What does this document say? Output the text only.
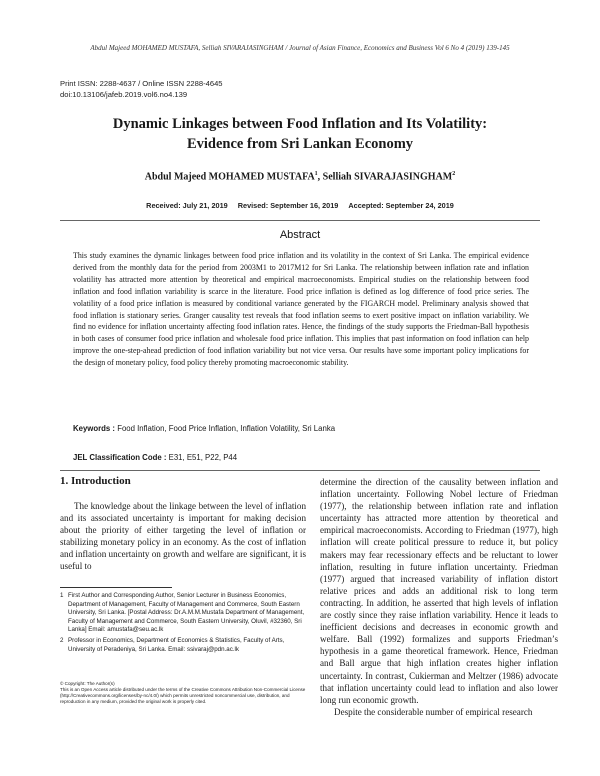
Abdul Majeed MOHAMED MUSTAFA, Selliah SIVARAJASINGHAM / Journal of Asian Finance, Economics and Business Vol 6 No 4 (2019) 139-145
Print ISSN: 2288-4637 / Online ISSN 2288-4645
doi:10.13106/jafeb.2019.vol6.no4.139
Dynamic Linkages between Food Inflation and Its Volatility:
Evidence from Sri Lankan Economy
Abdul Majeed MOHAMED MUSTAFA$^1$, Selliah SIVARAJASINGHAM$^2$
Received: July 21, 2019 Revised: September 16, 2019 Accepted: September 24, 2019
Abstract
This study examines the dynamic linkages between food price inflation and its volatility in the context of Sri Lanka. The empirical evidence derived from the monthly data for the period from 2003M1 to 2017M12 for Sri Lanka. The relationship between inflation rate and inflation volatility has attracted more attention by theoretical and empirical macroeconomists. Empirical studies on the relationship between food inflation and food inflation variability is scarce in the literature. Food price inflation is defined as log difference of food price series. The volatility of a food price inflation is measured by conditional variance generated by the FIGARCH model. Preliminary analysis showed that food inflation is stationary series. Granger causality test reveals that food inflation seems to exert positive impact on inflation variability. We find no evidence for inflation uncertainty affecting food inflation rates. Hence, the findings of the study supports the Friedman-Ball hypothesis in both cases of consumer food price inflation and wholesale food price inflation. This implies that past information on food inflation can help improve the one-step-ahead prediction of food inflation variability but not vice versa. Our results have some important policy implications for the design of monetary policy, food policy thereby promoting macroeconomic stability.
Keywords : Food Inflation, Food Price Inflation, Inflation Volatility, Sri Lanka
JEL Classification Code : E31, E51, P22, P44
1. Introduction

The knowledge about the linkage between the level of inflation and its associated uncertainty is important for making decision about the priority of either targeting the level of inflation or stabilizing monetary policy in an economy. As the cost of inflation and inflation uncertainty on growth and welfare are significant, it is useful to

1 First Author and Corresponding Author, Senior Lecturer in Business Economics, Department of Management, Faculty of Management and Commerce, South Eastern University, Sri Lanka. [Postal Address: Dr.A.M.M.Mustafa Department of Management, Faculty of Management and Commerce, South Eastern University, Oluvil, #32360, Sri Lanka] Email: amustafa@seu.ac.lk
2 Professor in Economics, Department of Economics & Statistics, Faculty of Arts, University of Peradeniya, Sri Lanka. Email: ssivaraj@pdn.ac.lk
© Copyright: The Author(s)
This is an Open Access article distributed under the terms of the Creative Commons Attribution Non-Commercial License (http://Creativecommons.org/licenses/by-nc/4.0/) which permits unrestricted noncommercial use, distribution, and reproduction in any medium, provided the original work is properly cited.

determine the direction of the causality between inflation and inflation uncertainty. Following Nobel lecture of Friedman (1977), the relationship between inflation rate and inflation uncertainty has attracted more attention by theoretical and empirical macroeconomists. According to Friedman (1977), high inflation will create political pressure to reduce it, but policy makers may fear recessionary effects and be reluctant to lower inflation, resulting in future inflation uncertainty. Friedman (1977) argued that increased variability of inflation distort relative prices and adds an additional risk to long term contracting. In addition, he asserted that high levels of inflation are costly since they raise inflation variability. Hence it leads to inefficient decisions and decreases in economic growth and welfare. Ball (1992) formalizes and supports Friedman’s hypothesis in a game theoretical framework. Hence, Friedman and Ball argue that high inflation creates higher inflation uncertainty. In contrast, Cukierman and Meltzer (1986) advocate that inflation uncertainty could lead to inflation and also lower long run economic growth.

Despite the considerable number of empirical research
